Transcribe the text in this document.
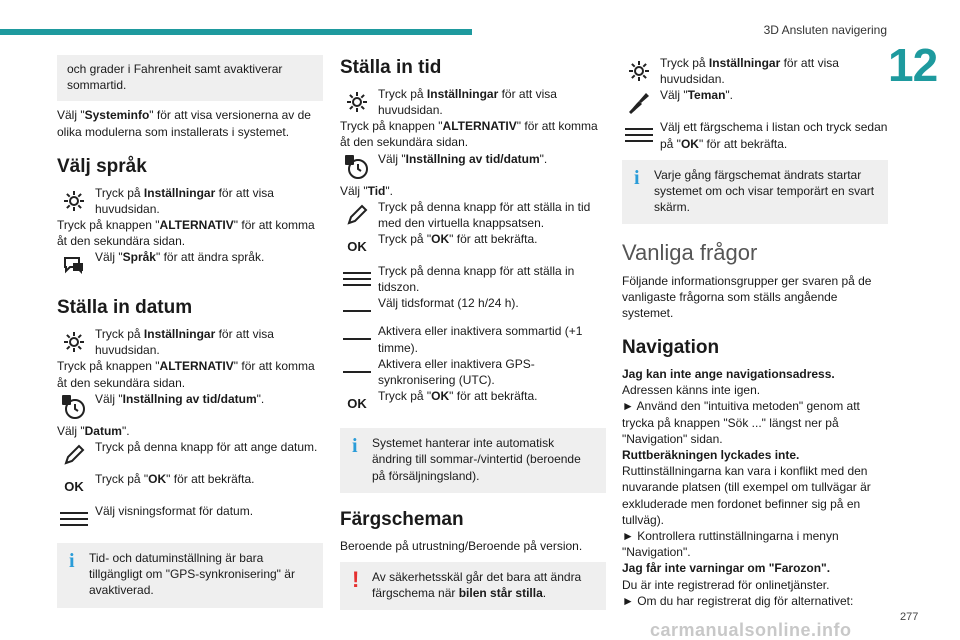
3D Ansluten navigering
12
och grader i Fahrenheit samt avaktiverar sommartid.

Välj "Systeminfo" för att visa versionerna av de olika modulerna som installerats i systemet.

Välj språk
Tryck på Inställningar för att visa huvudsidan.

Tryck på knappen "ALTERNATIV" för att komma åt den sekundära sidan.

Välj "Språk" för att ändra språk.
Ställa in datum
Tryck på Inställningar för att visa huvudsidan.

Tryck på knappen "ALTERNATIV" för att komma åt den sekundära sidan.

Välj "Inställning av tid/datum".

Välj "Datum".

Tryck på denna knapp för att ange datum.
OK
Tryck på "OK" för att bekräfta.
Välj visningsformat för datum.
i Tid- och datuminställning är bara tillgängligt om "GPS-synkronisering" är avaktiverad.
Ställa in tid
Tryck på Inställningar för att visa huvudsidan.

Tryck på knappen "ALTERNATIV" för att komma åt den sekundära sidan.

Välj "Inställning av tid/datum".

Välj "Tid".

Tryck på denna knapp för att ställa in tid med den virtuella knappsatsen.
OK
Tryck på "OK" för att bekräfta.
Tryck på denna knapp för att ställa in tidszon.
Välj tidsformat (12 h/24 h).
Aktivera eller inaktivera sommartid (+1 timme).
Aktivera eller inaktivera GPS-synkronisering (UTC).
OK
Tryck på "OK" för att bekräfta.
i Systemet hanterar inte automatisk ändring till sommar-/vintertid (beroende på försäljningsland).
Färgscheman

Beroende på utrustning/Beroende på version.

! Av säkerhetsskäl går det bara att ändra färgschema när bilen står stilla.
Tryck på Inställningar för att visa huvudsidan.
Välj "Teman".
Välj ett färgschema i listan och tryck sedan på "OK" för att bekräfta.
i Varje gång färgschemat ändrats startar systemet om och visar temporärt en svart skärm.
Vanliga frågor

Följande informationsgrupper ger svaren på de vanligaste frågorna som ställs angående systemet.

Navigation

Jag kan inte ange navigationsadress.

Adressen känns inte igen.

► Använd den "intuitiva metoden" genom att trycka på knappen "Sök ..." längst ner på "Navigation" sidan.

Ruttberäkningen lyckades inte.

Ruttinställningarna kan vara i konflikt med den nuvarande platsen (till exempel om tullvägar är exkluderade men fordonet befinner sig på en tullväg).

► Kontrollera ruttinställningarna i menyn "Navigation".

Jag får inte varningar om "Farozon".

Du är inte registrerad för onlinetjänster.

► Om du har registrerat dig för alternativet:

carmanualsonline.info
277
